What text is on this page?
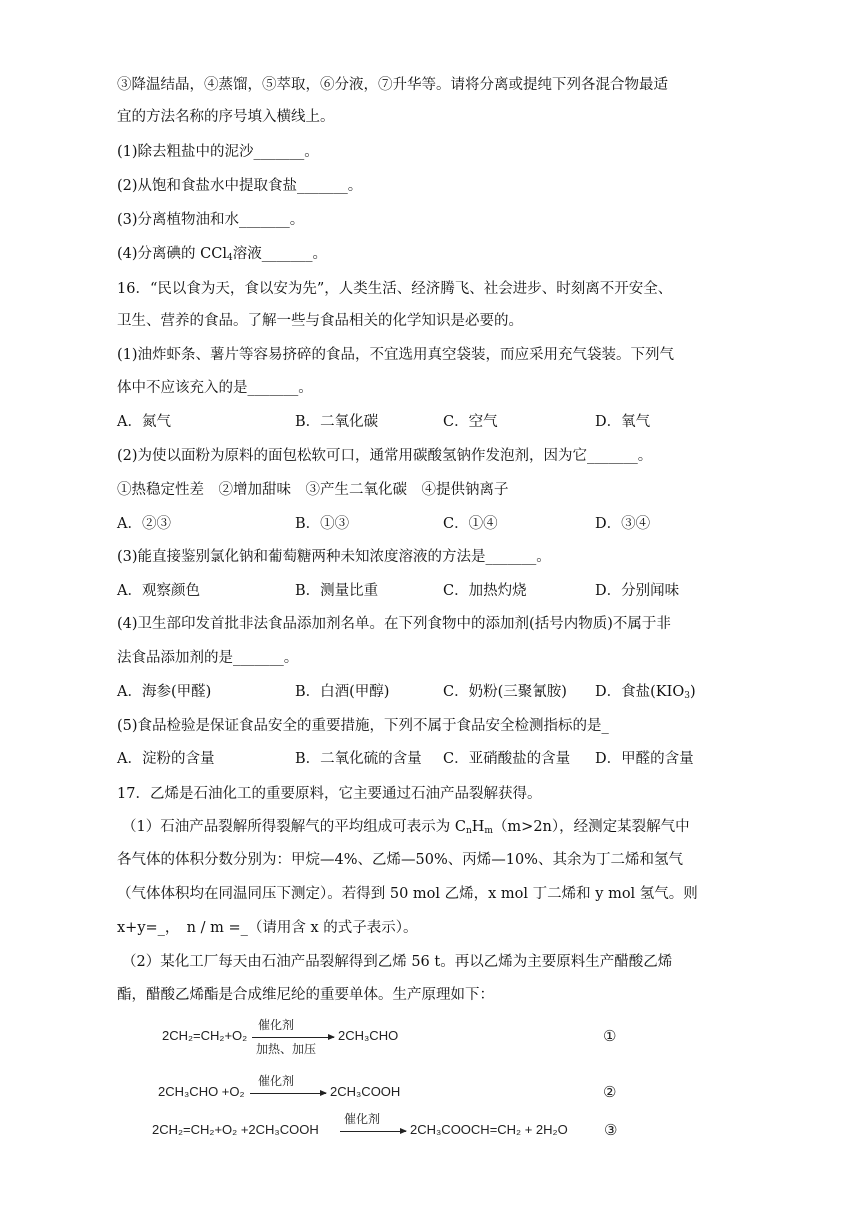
③降温结晶，④蒸馏，⑤萃取，⑥分液，⑦升华等。请将分离或提纯下列各混合物最适
宜的方法名称的序号填入横线上。
(1)除去粗盐中的泥沙_______。
(2)从饱和食盐水中提取食盐_______。
(3)分离植物油和水_______。
(4)分离碘的 CCl$_4$溶液_______。
16．“民以食为天，食以安为先”，人类生活、经济腾飞、社会进步、时刻离不开安全、
卫生、营养的食品。了解一些与食品相关的化学知识是必要的。
(1)油炸虾条、薯片等容易挤碎的食品，不宜选用真空袋装，而应采用充气袋装。下列气
体中不应该充入的是_______。
A．氮气	B．二氧化碳	C．空气	D．氧气
(2)为使以面粉为原料的面包松软可口，通常用碳酸氢钠作发泡剂，因为它_______。
①热稳定性差　②增加甜味　③产生二氧化碳　④提供钠离子
A．②③	B．①③	C．①④	D．③④
(3)能直接鉴别氯化钠和葡萄糖两种未知浓度溶液的方法是_______。
A．观察颜色	B．测量比重	C．加热灼烧	D．分别闻味
(4)卫生部印发首批非法食品添加剂名单。在下列食物中的添加剂(括号内物质)不属于非
法食品添加剂的是_______。
A．海参(甲醛)	B．白酒(甲醇)	C．奶粉(三聚氰胺) D．食盐$(KIO_3)$
(5)食品检验是保证食品安全的重要措施，下列不属于食品安全检测指标的是_
A．淀粉的含量	B．二氧化硫的含量 C．亚硝酸盐的含量 D．甲醛的含量
17．乙烯是石油化工的重要原料，它主要通过石油产品裂解获得。
（1）石油产品裂解所得裂解气的平均组成可表示为 $C_nH_m(m>2n)$，经测定某裂解气中
各气体的体积分数分别为：甲烷—4%、乙烯—50%、丙烯—10%、其余为丁二烯和氢气
（气体体积均在同温同压下测定）。若得到 50 mol 乙烯，x mol 丁二烯和 y mol 氢气。则
x+y=_，　n / m =_（请用含 x 的式子表示）。
（2）某化工厂每天由石油产品裂解得到乙烯 56 t。再以乙烯为主要原料生产醋酸乙烯
酯，醋酸乙烯酯是合成维尼纶的重要单体。生产原理如下：
2CH₂=CH₂+O₂
催化剂
加热、加压
2CH₃CHO	①
2CH₃CHO +O₂
催化剂
2CH₃COOH	②
2CH₂=CH₂+O₂ +2CH₃COOH
催化剂
2CH₃COOCH=CH₂ + 2H₂O ③
